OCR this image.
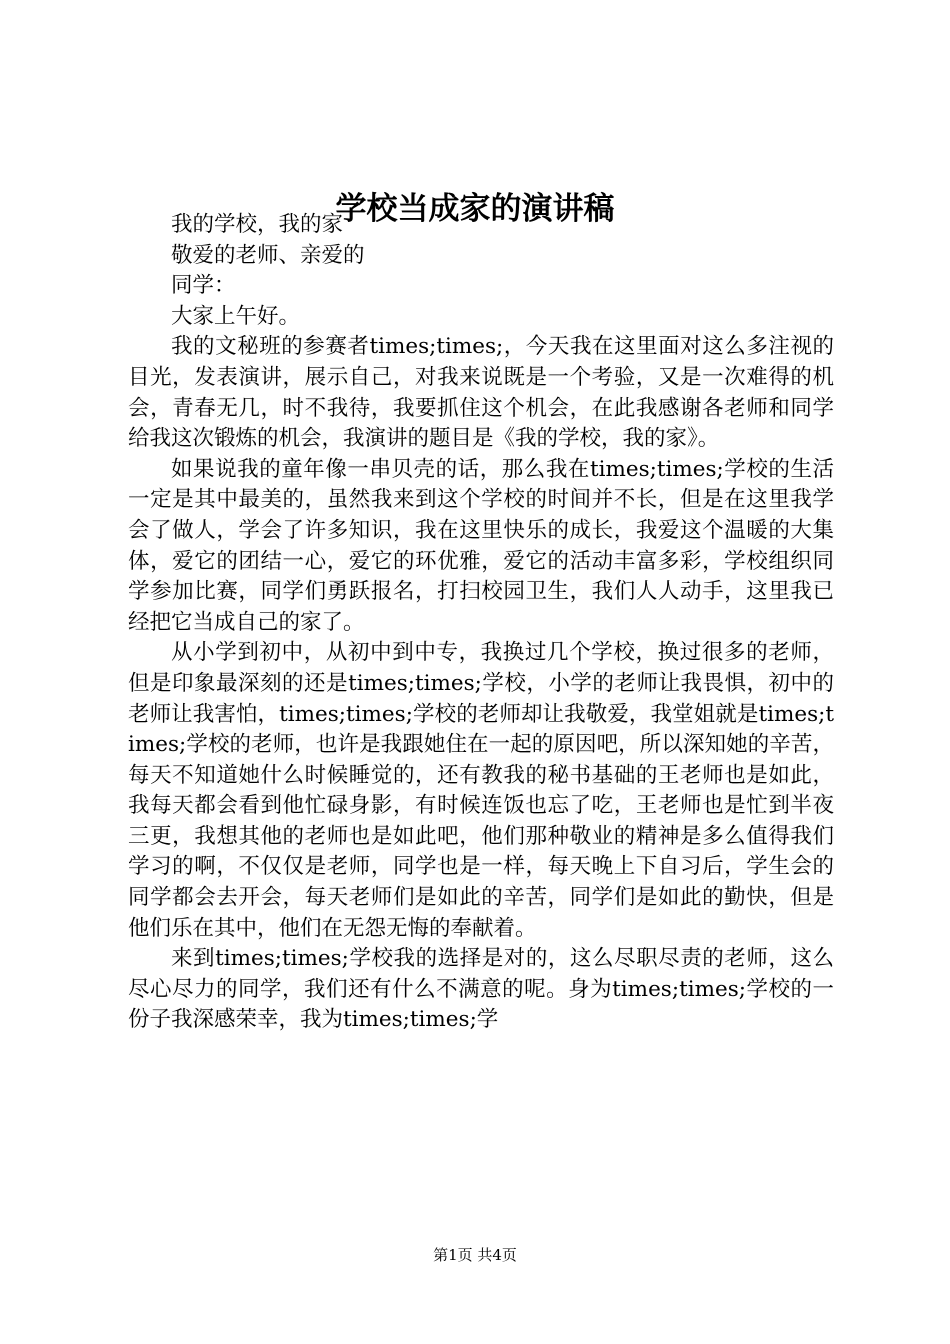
学校当成家的演讲稿

我的学校，我的家

敬爱的老师、亲爱的

同学：

大家上午好。

我的文秘班的参赛者times;times;，今天我在这里面对这么多注视的目光，发表演讲，展示自己，对我来说既是一个考验，又是一次难得的机会，青春无几，时不我待，我要抓住这个机会，在此我感谢各老师和同学给我这次锻炼的机会，我演讲的题目是《我的学校，我的家》。

如果说我的童年像一串贝壳的话，那么我在times;times;学校的生活一定是其中最美的，虽然我来到这个学校的时间并不长，但是在这里我学会了做人，学会了许多知识，我在这里快乐的成长，我爱这个温暖的大集体，爱它的团结一心，爱它的环优雅，爱它的活动丰富多彩，学校组织同学参加比赛，同学们勇跃报名，打扫校园卫生，我们人人动手，这里我已经把它当成自己的家了。

从小学到初中，从初中到中专，我换过几个学校，换过很多的老师，但是印象最深刻的还是times;times;学校，小学的老师让我畏惧，初中的老师让我害怕，times;times;学校的老师却让我敬爱，我堂姐就是times;times;学校的老师，也许是我跟她住在一起的原因吧，所以深知她的辛苦，每天不知道她什么时候睡觉的，还有教我的秘书基础的王老师也是如此，我每天都会看到他忙碌身影，有时候连饭也忘了吃，王老师也是忙到半夜三更，我想其他的老师也是如此吧，他们那种敬业的精神是多么值得我们学习的啊，不仅仅是老师，同学也是一样，每天晚上下自习后，学生会的同学都会去开会，每天老师们是如此的辛苦，同学们是如此的勤快，但是他们乐在其中，他们在无怨无悔的奉献着。

来到times;times;学校我的选择是对的，这么尽职尽责的老师，这么尽心尽力的同学，我们还有什么不满意的呢。身为times;times;学校的一份子我深感荣幸，我为times;times;学

第1页 共4页
